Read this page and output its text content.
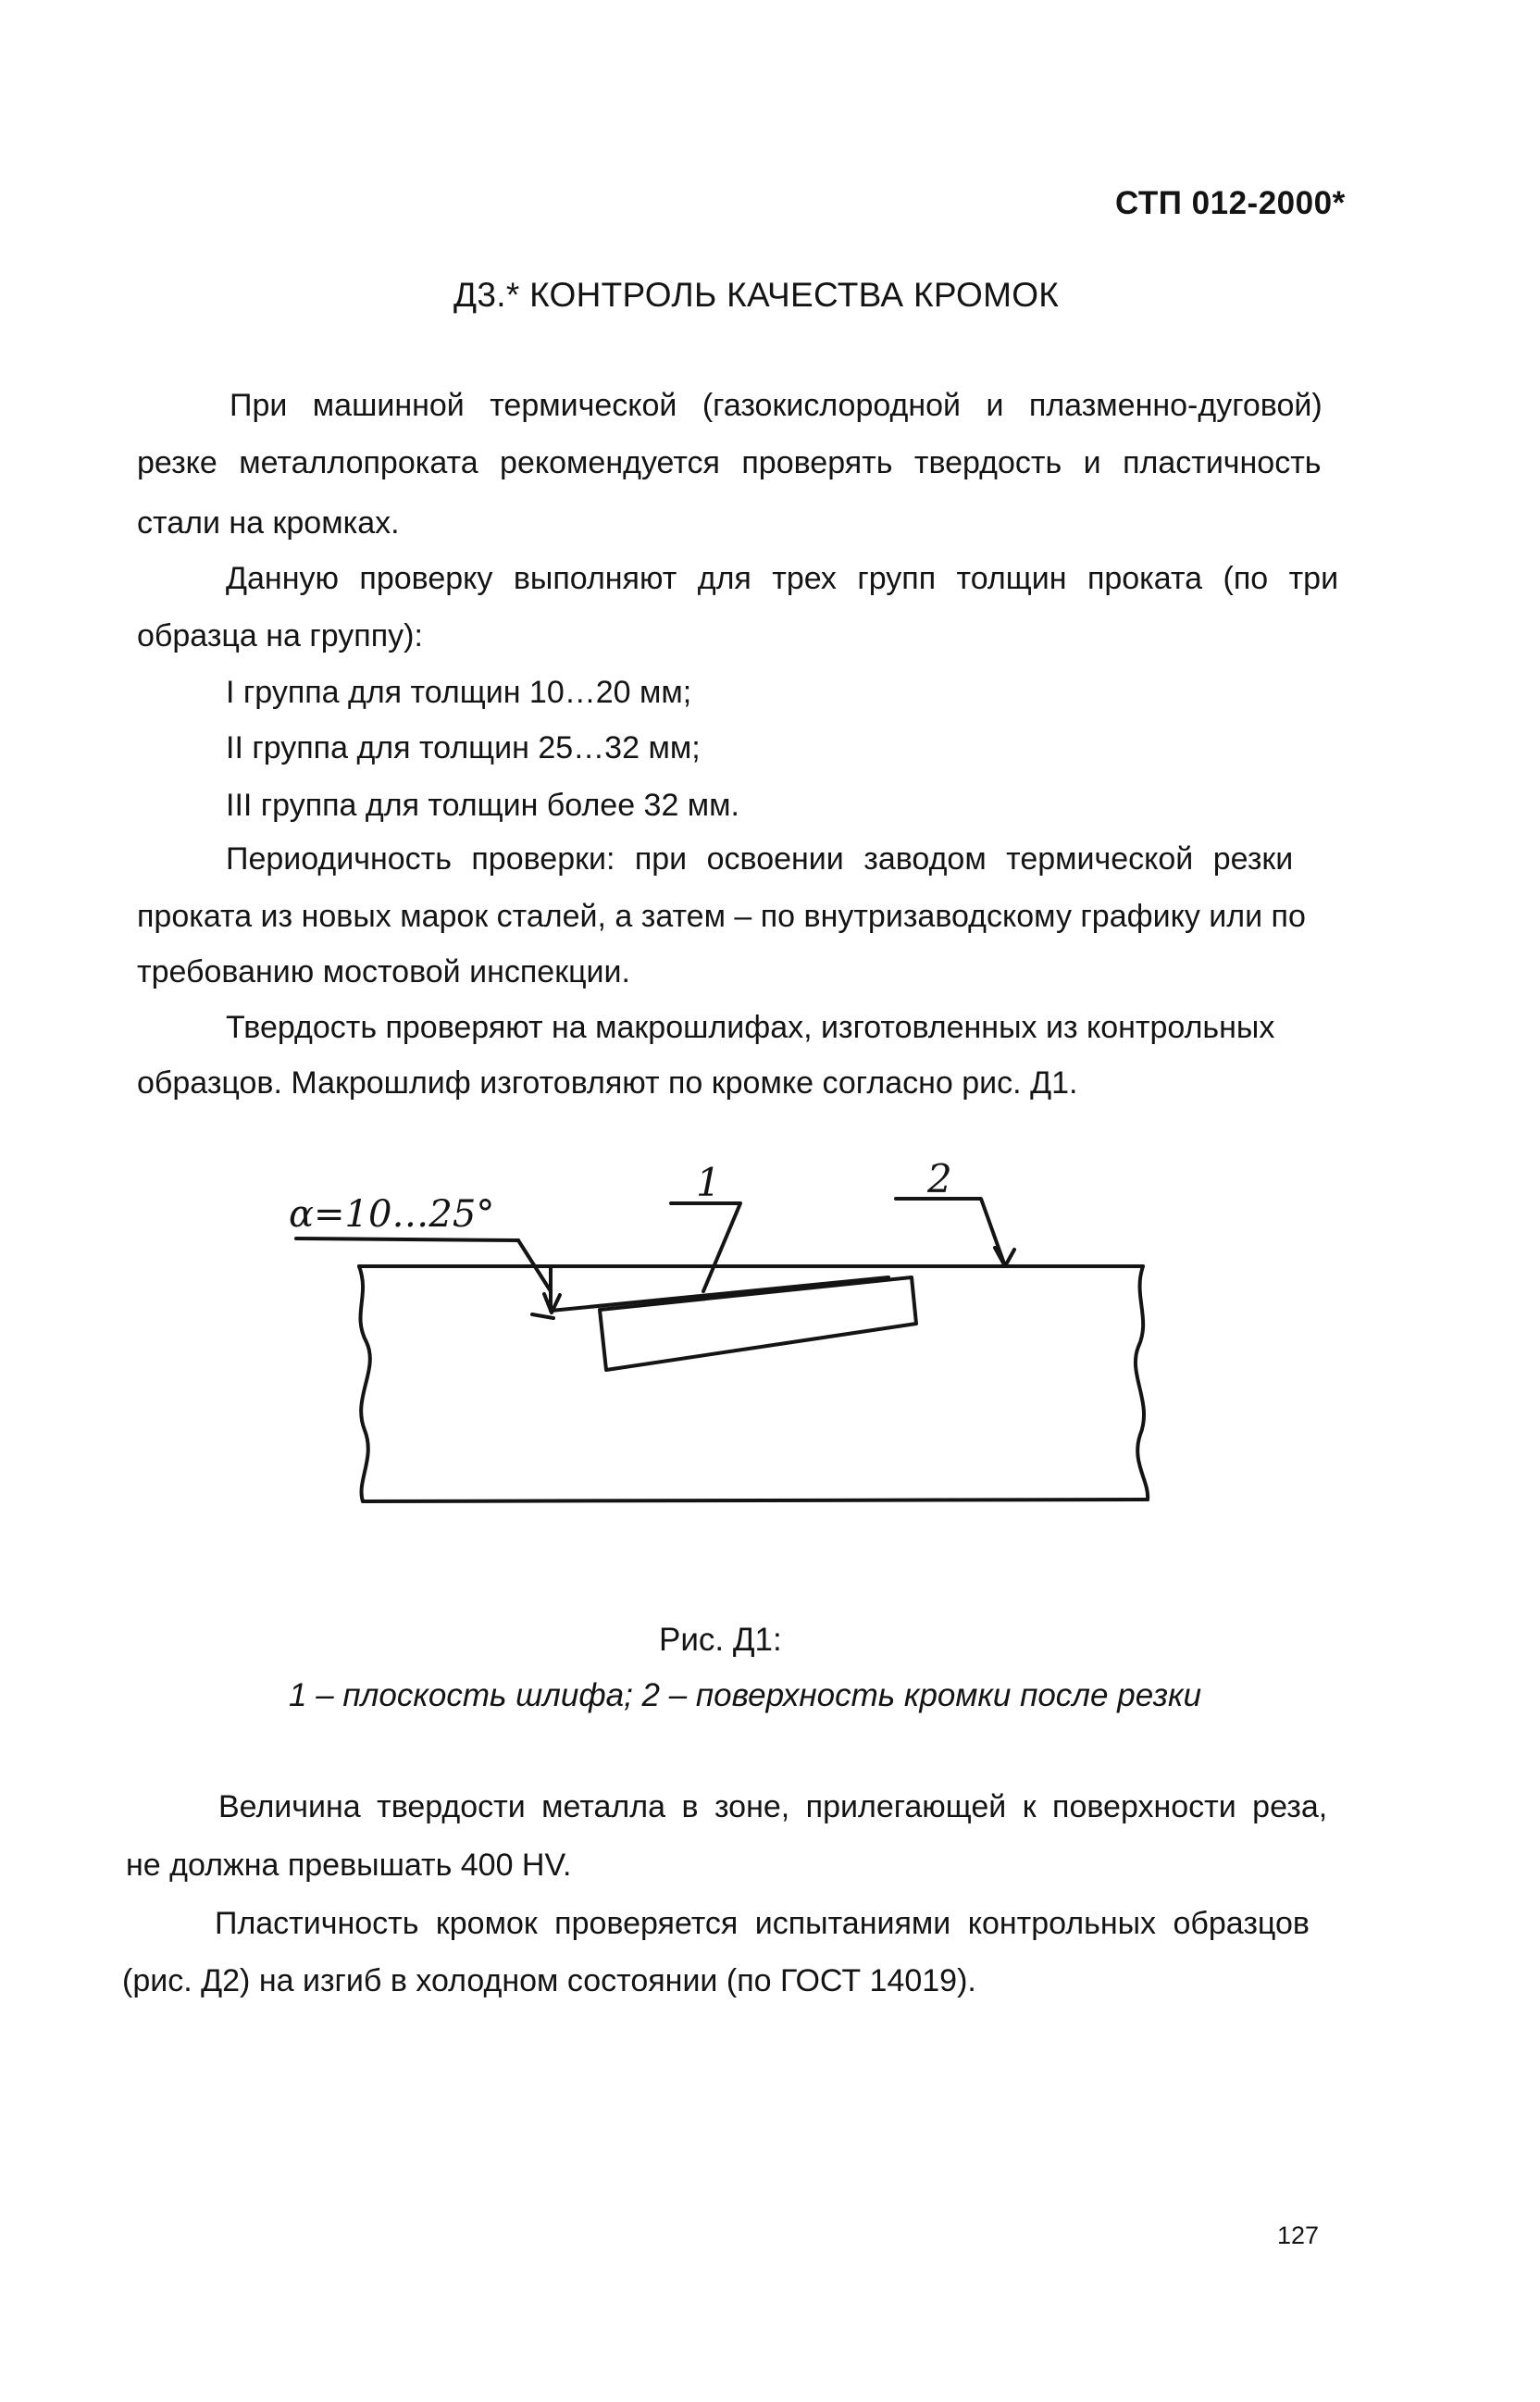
СТП 012-2000*
Д3.* КОНТРОЛЬ КАЧЕСТВА КРОМОК
При машинной термической (газокислородной и плазменно-дуговой)
резке металлопроката рекомендуется проверять твердость и пластичность
стали на кромках.
Данную проверку выполняют для трех групп толщин проката (по три
образца на группу):
I группа для толщин 10…20 мм;
II группа для толщин 25…32 мм;
III группа для толщин более 32 мм.
Периодичность проверки: при освоении заводом термической резки
проката из новых марок сталей, а затем – по внутризаводскому графику или по
требованию мостовой инспекции.
Твердость проверяют на макрошлифах, изготовленных из контрольных
образцов. Макрошлиф изготовляют по кромке согласно рис. Д1.
α=10…25°
1	2
Рис. Д1:
1 – плоскость шлифа; 2 – поверхность кромки после резки
Величина твердости металла в зоне, прилегающей к поверхности реза,
не должна превышать 400 HV.
Пластичность кромок проверяется испытаниями контрольных образцов
(рис. Д2) на изгиб в холодном состоянии (по ГОСТ 14019).
127
